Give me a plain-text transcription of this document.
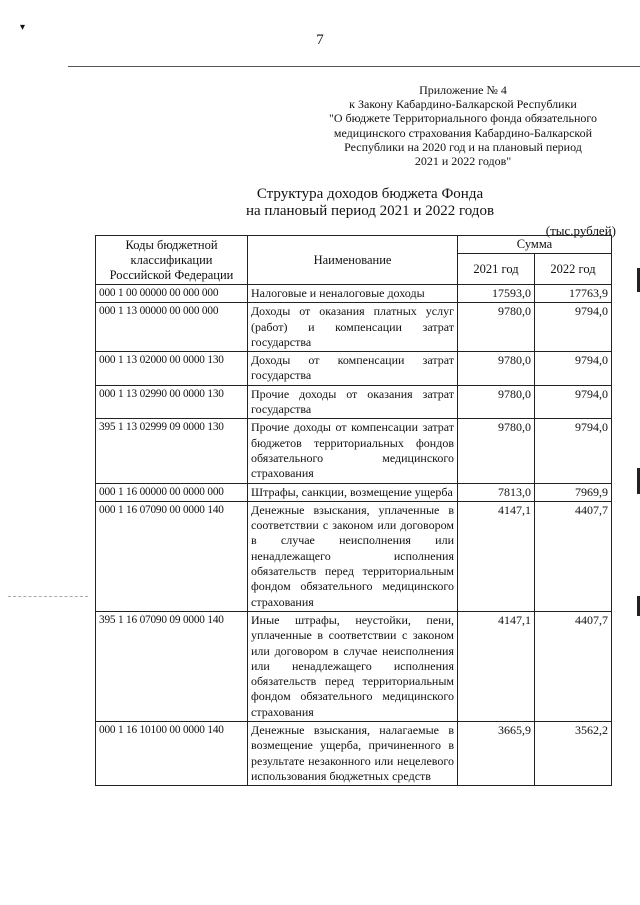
▾
7
Приложение № 4
к Закону Кабардино-Балкарской Республики
"О бюджете Территориального фонда обязательного
медицинского страхования Кабардино-Балкарской
Республики на 2020 год и на плановый период
2021 и 2022 годов"
Структура доходов бюджета Фонда
на плановый период 2021 и 2022 годов
(тыс.рублей)
Коды бюджетной классификации Российской Федерации	Наименование	Сумма	
		2021 год	2022 год
000 1 00 00000 00 000 000	Налоговые и неналоговые доходы	17593,0	17763,9
000 1 13 00000 00 000 000	Доходы от оказания платных услуг (работ) и компенсации затрат государства	9780,0	9794,0
000 1 13 02000 00 0000 130	Доходы от компенсации затрат государства	9780,0	9794,0
000 1 13 02990 00 0000 130	Прочие доходы от оказания затрат государства	9780,0	9794,0
395 1 13 02999 09 0000 130	Прочие доходы от компенсации затрат бюджетов территориальных фондов обязательного медицинского страхования	9780,0	9794,0
000 1 16 00000 00 0000 000	Штрафы, санкции, возмещение ущерба	7813,0	7969,9
000 1 16 07090 00 0000 140	Денежные взыскания, уплаченные в соответствии с законом или договором в случае неисполнения или ненадлежащего исполнения обязательств перед территориальным фондом обязательного медицинского страхования	4147,1	4407,7
395 1 16 07090 09 0000 140	Иные штрафы, неустойки, пени, уплаченные в соответствии с законом или договором в случае неисполнения или ненадлежащего исполнения обязательств перед территориальным фондом обязательного медицинского страхования	4147,1	4407,7
000 1 16 10100 00 0000 140	Денежные взыскания, налагаемые в возмещение ущерба, причиненного в результате незаконного или нецелевого использования бюджетных средств	3665,9	3562,2
